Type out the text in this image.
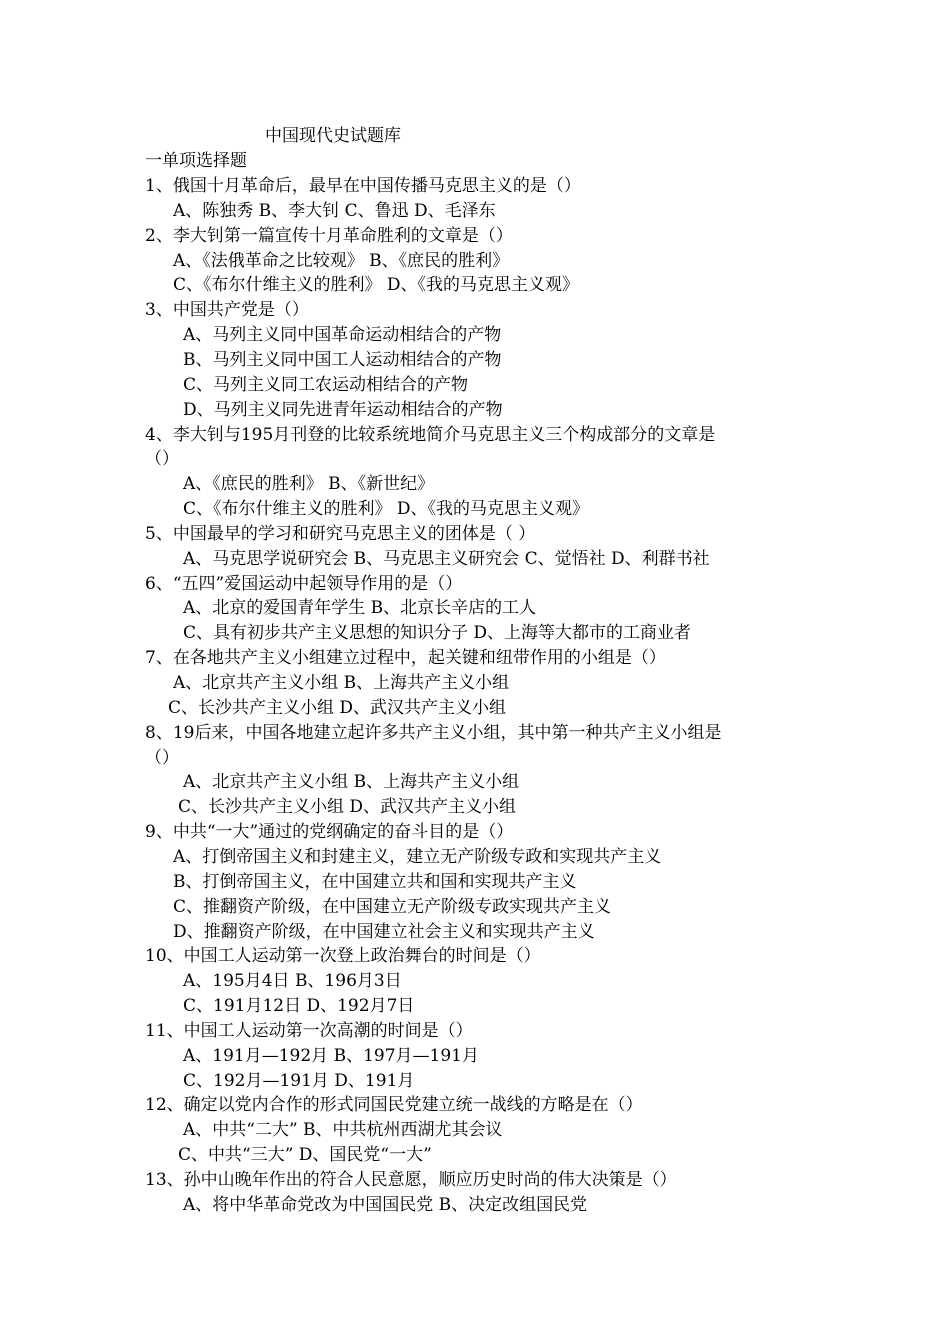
中国现代史试题库
一单项选择题
1、俄国十月革命后，最早在中国传播马克思主义的是（）
A、陈独秀 B、李大钊 C、鲁迅 D、毛泽东
2、李大钊第一篇宣传十月革命胜利的文章是（）
A、《法俄革命之比较观》 B、《庶民的胜利》
C、《布尔什维主义的胜利》 D、《我的马克思主义观》
3、中国共产党是（）
A、马列主义同中国革命运动相结合的产物
B、马列主义同中国工人运动相结合的产物
C、马列主义同工农运动相结合的产物
D、马列主义同先进青年运动相结合的产物
4、李大钊与195月刊登的比较系统地简介马克思主义三个构成部分的文章是
（）
A、《庶民的胜利》 B、《新世纪》
C、《布尔什维主义的胜利》 D、《我的马克思主义观》
5、中国最早的学习和研究马克思主义的团体是（ ）
A、马克思学说研究会 B、马克思主义研究会 C、觉悟社 D、利群书社
6、“五四”爱国运动中起领导作用的是（）
A、北京的爱国青年学生 B、北京长辛店的工人
C、具有初步共产主义思想的知识分子 D、上海等大都市的工商业者
7、在各地共产主义小组建立过程中，起关键和纽带作用的小组是（）
A、北京共产主义小组 B、上海共产主义小组
C、长沙共产主义小组 D、武汉共产主义小组
8、19后来，中国各地建立起许多共产主义小组，其中第一种共产主义小组是
（）
A、北京共产主义小组 B、上海共产主义小组
C、长沙共产主义小组 D、武汉共产主义小组
9、中共“一大”通过的党纲确定的奋斗目的是（）
A、打倒帝国主义和封建主义，建立无产阶级专政和实现共产主义
B、打倒帝国主义，在中国建立共和国和实现共产主义
C、推翻资产阶级，在中国建立无产阶级专政实现共产主义
D、推翻资产阶级，在中国建立社会主义和实现共产主义
10、中国工人运动第一次登上政治舞台的时间是（）
A、195月4日 B、196月3日
C、191月12日 D、192月7日
11、中国工人运动第一次高潮的时间是（）
A、191月—192月 B、197月—191月
C、192月—191月 D、191月
12、确定以党内合作的形式同国民党建立统一战线的方略是在（）
A、中共“二大” B、中共杭州西湖尤其会议
C、中共“三大” D、国民党“一大”
13、孙中山晚年作出的符合人民意愿，顺应历史时尚的伟大决策是（）
A、将中华革命党改为中国国民党 B、决定改组国民党
